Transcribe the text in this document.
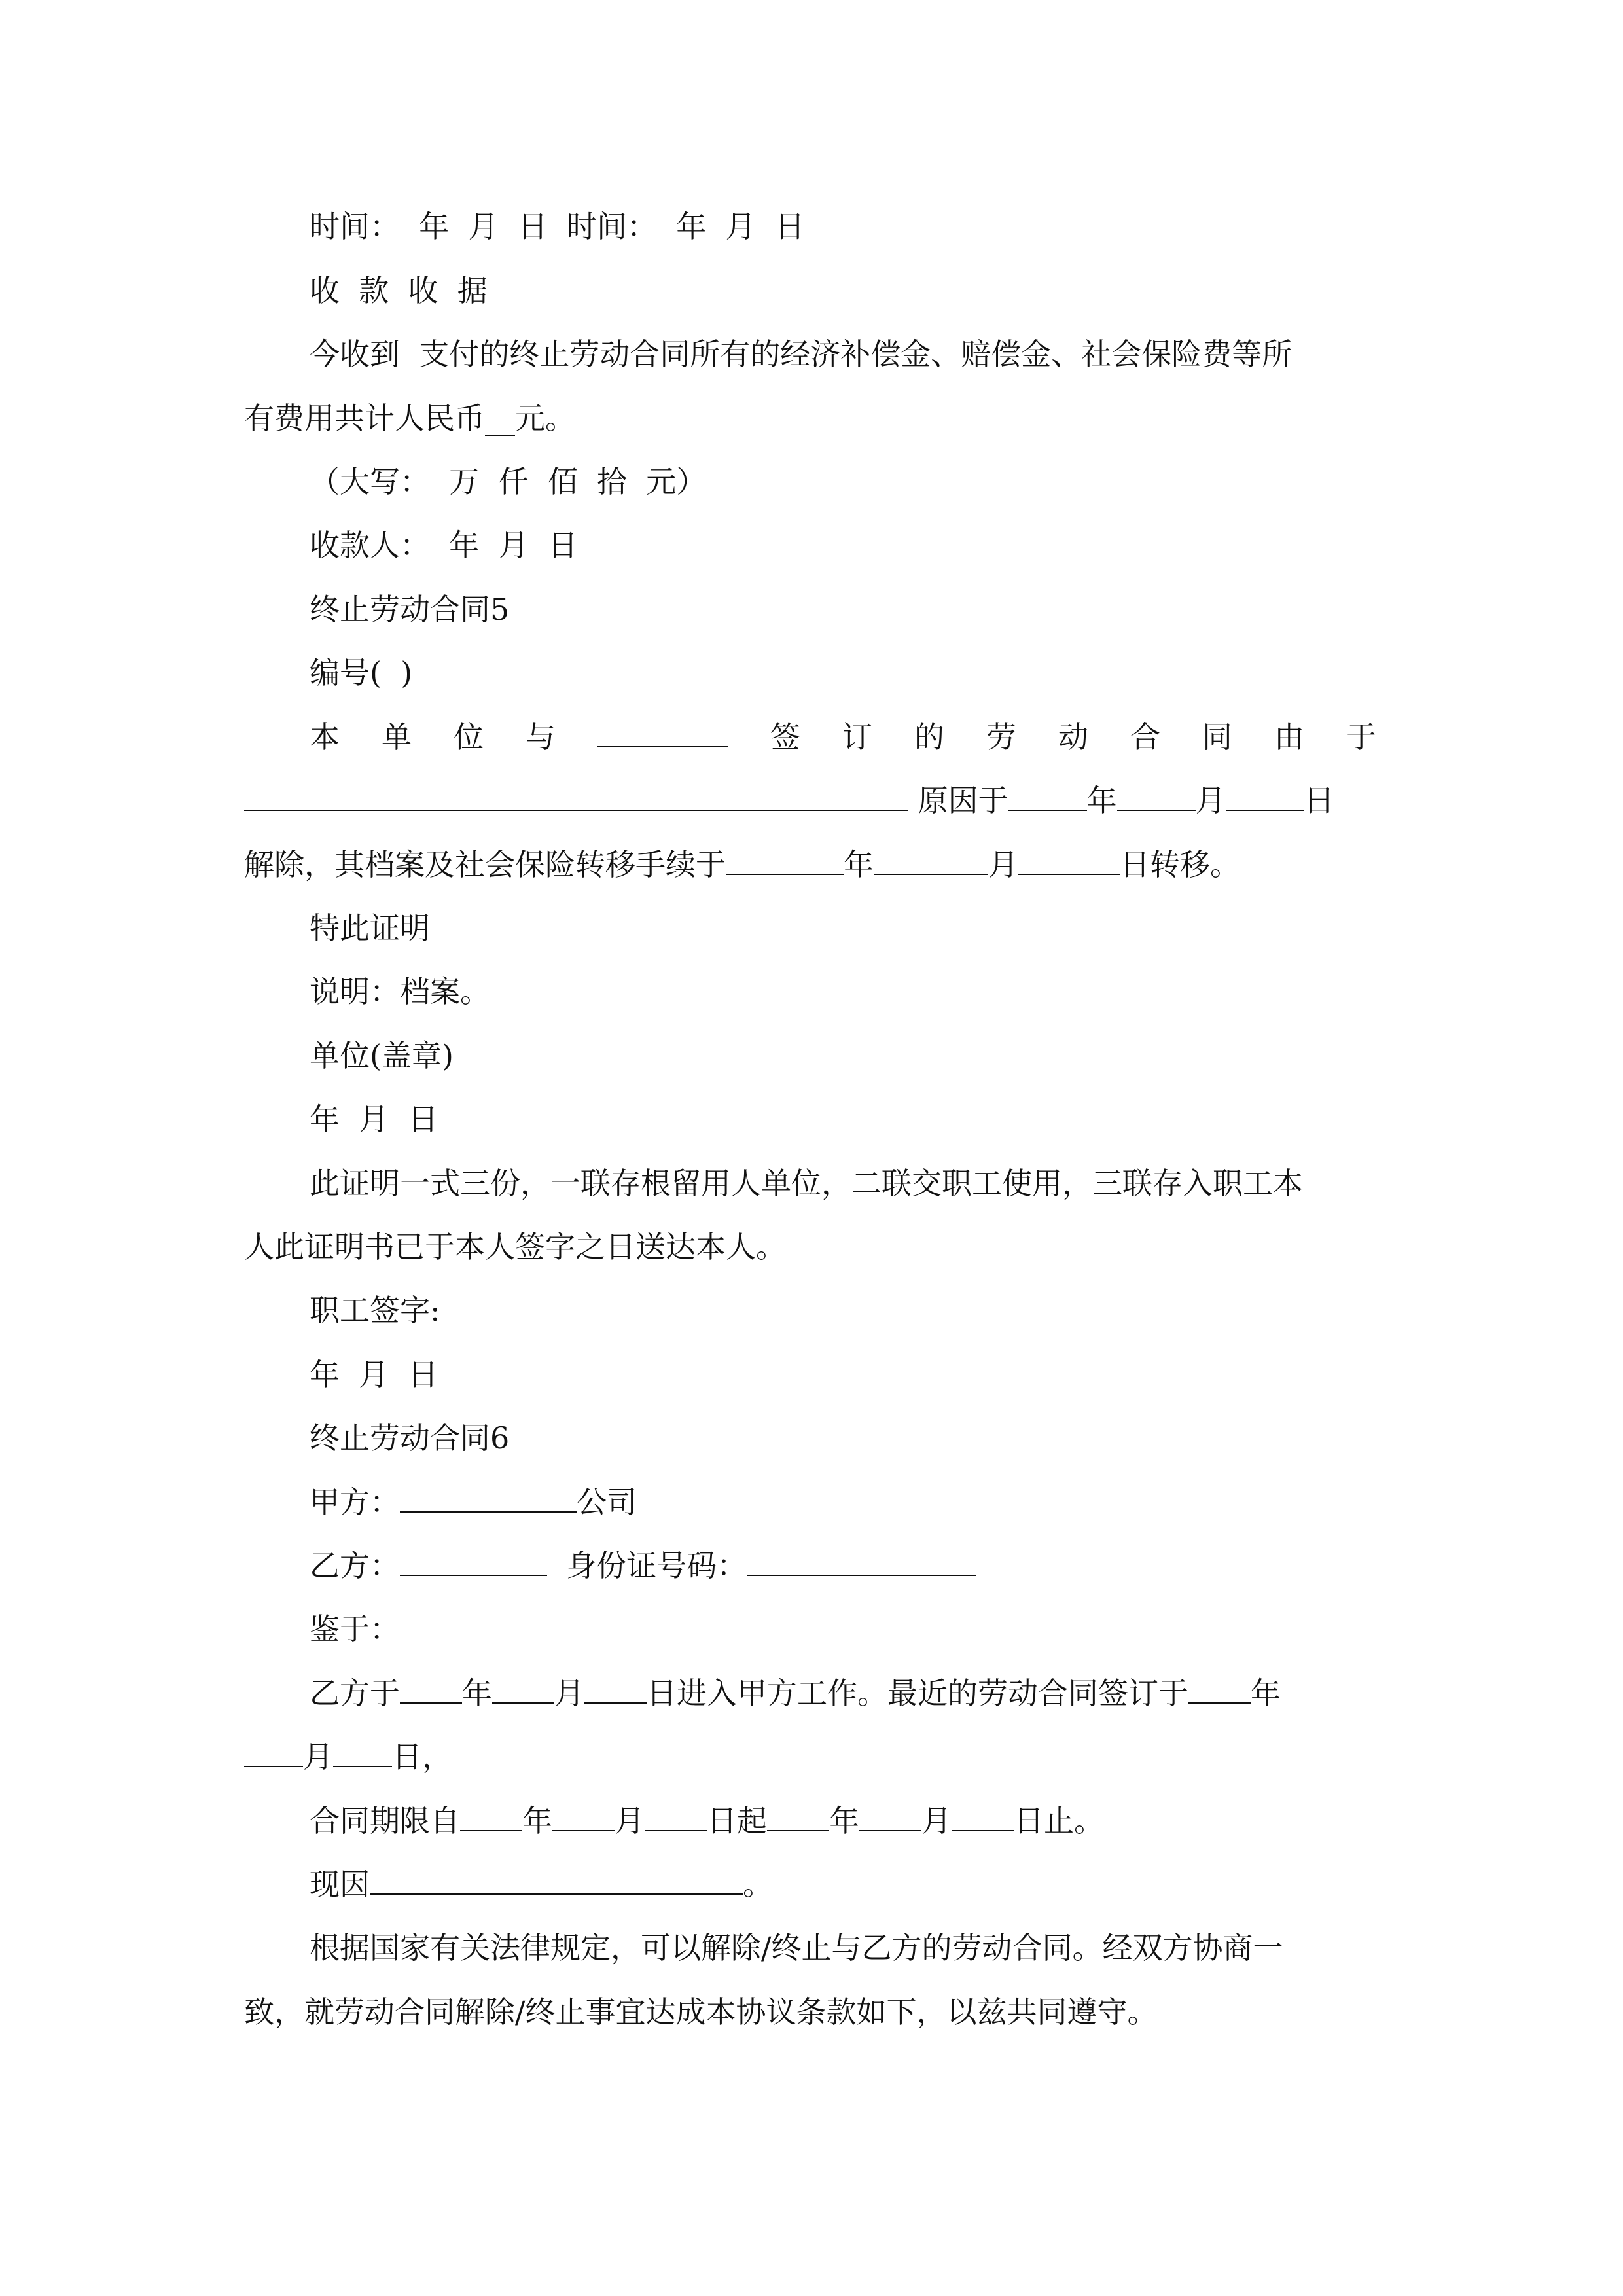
时间：  年  月  日  时间：  年  月  日
收  款  收  据
今收到  支付的终止劳动合同所有的经济补偿金、赔偿金、社会保险费等所
有费用共计人民币__元。
（大写：  万  仟  佰  拾  元）
收款人：  年  月  日
终止劳动合同5
编号(  )
本 单 位 与	签 订 的 劳 动 合 同 由 于
原因于	年	月	日
解除，其档案及社会保险转移手续于	年	月	日转移。
特此证明
说明：档案。
单位(盖章)
年  月  日
此证明一式三份，一联存根留用人单位，二联交职工使用，三联存入职工本
人此证明书已于本人签字之日送达本人。
职工签字:
年  月  日
终止劳动合同6
甲方：	公司
乙方：	身份证号码：
鉴于：
乙方于 年 月 日进入甲方工作。最近的劳动合同签订于 年
月 日，
合同期限自 年 月 日起 年 月 日止。
现因	。
根据国家有关法律规定，可以解除/终止与乙方的劳动合同。经双方协商一
致，就劳动合同解除/终止事宜达成本协议条款如下，以兹共同遵守。
